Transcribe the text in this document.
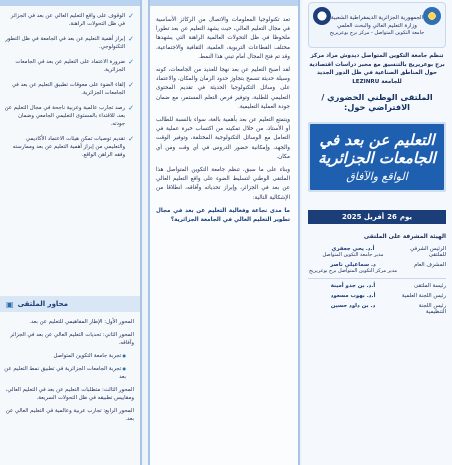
✓
الوقوف على واقع التعليم العالي عن بعد في الجزائر في ظل التحولات الراهنة.
✓
إبراز أهمية التعليم عن بعد في الجامعة في ظل التطور التكنولوجي.
✓
ضرورة الاعتماد على التعليم عن بعد في الجامعات الجزائرية.
✓
إلقاء الضوء على معوقات تطبيق التعليم عن بعد في الجامعات الجزائرية.
✓
رصد تجارب عالمية وعربية ناجحة في مجال التعليم عن بعد، للاقتداء بالمستوى التعليمي الجامعي وضمان جودته.
✓
تقديم توصيات تمكن هيئات الاعتماد الأكاديمي والتعليمي من إبراز أهمية التعليم عن بعد وممارسته وفقه الراهن الواقع.
محاور الملتقى
▣
المحور الأول: الإطار المفاهيمي للتعليم عن بعد.
المحور الثاني: تحديات التعليم العالي عن بعد في الجزائر وآفاقه.
● تجربة جامعة التكوين المتواصل
● تجربة الجامعات الجزائرية في تطبيق نمط التعليم عن بعد
المحور الثالث: متطلبات التعليم عن بعد في التعليم العالي، ومقاييس تطبيقه في ظل التحولات السريعة.
المحور الرابع: تجارب عربية وعالمية في التعليم العالي عن بعد.

تعد تكنولوجيا المعلومات والاتصال من الركائز الأساسية في مجال التعليم العالي، حيث يشهد التعليم عن بعد تطورا ملحوظا في ظل التحولات العالمية الراهنة التي يشهدها مختلف القطاعات التربوية، العلمية، الثقافية والاجتماعية، وقد تم فتح المجال أمام تبني هذا النمط.

لقد أصبح التعليم عن بعد نهجا للعديد من الجامعات، كونه وسيلة حديثة تسمح بتجاوز حدود الزمان والمكان، والاعتماد على وسائل التكنولوجيا الحديثة في تقديم المحتوى التعليمي للطلبة، وتوفير فرص التعلم المستمر، مع ضمان جودة العملية التعليمية.

ويتمتع التعليم عن بعد بأهمية بالغة، سواء بالنسبة للطالب أو الأستاذ، من خلال تمكينه من اكتساب خبرة عملية في التعامل مع الوسائل التكنولوجية المختلفة، وتوفير الوقت والجهد، وإمكانية حضور الدروس في أي وقت ومن أي مكان.

وبناء على ما سبق، تنظم جامعة التكوين المتواصل هذا الملتقى الوطني لتسليط الضوء على واقع التعليم العالي عن بعد في الجزائر، وإبراز تحدياته وآفاقه، انطلاقا من الإشكالية التالية:

ما مدى نجاعة وفعالية التعليم عن بعد في مجال تطوير التعليم العالي في الجامعة الجزائرية؟

الجمهورية الجزائرية الديمقراطية الشعبية
وزارة التعليم العالي والبحث العلمي
جامعة التكوين المتواصل - مركز برج بوعريريج
تنظم جامعة التكوين المتواصل ديدوش مراد مركز برج بوعريريج بالتنسيق مع مخبر دراسات اقتصادية حول المناطق الصناعية في ظل الدور الجديد للجامعة LEZINRU
الملتقى الوطني الحضوري / الافتراضي حول:
التعليم عن بعد في الجامعات الجزائرية
الواقع والآفاق
يوم
26
أفريل 2025
الهيئة المشرفة على الملتقى
الرئيس الشرفي للملتقى
أ.د. يحي جعفري
مدير جامعة التكوين المتواصل
المشرف العام
د. سماعيلي ناصر
مدير مركز التكوين المتواصل برج بوعريريج
رئيسة الملتقى
أ.د. بن جدو أمينة
رئيس اللجنة العلمية
أ.د. بهوب مسعود
رئيس اللجنة التنظيمية
د. بن داود حسين
